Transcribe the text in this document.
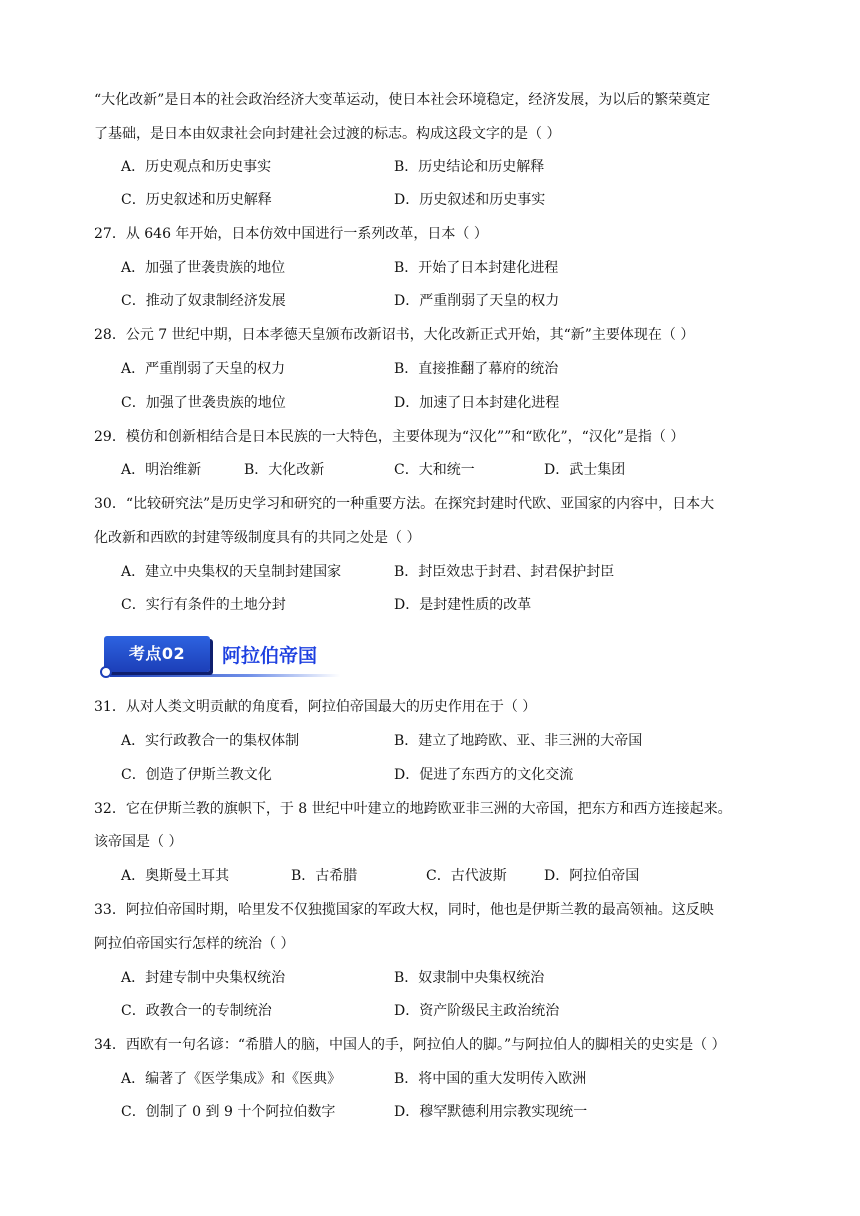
“大化改新”是日本的社会政治经济大变革运动，使日本社会环境稳定，经济发展，为以后的繁荣奠定
了基础，是日本由奴隶社会向封建社会过渡的标志。构成这段文字的是（ ）
A．历史观点和历史事实	B．历史结论和历史解释
C．历史叙述和历史解释	D．历史叙述和历史事实
27．从 646 年开始，日本仿效中国进行一系列改革，日本（ ）
A．加强了世袭贵族的地位	B．开始了日本封建化进程
C．推动了奴隶制经济发展	D．严重削弱了天皇的权力
28．公元 7 世纪中期，日本孝德天皇颁布改新诏书，大化改新正式开始，其“新”主要体现在（ ）
A．严重削弱了天皇的权力	B．直接推翻了幕府的统治
C．加强了世袭贵族的地位	D．加速了日本封建化进程
29．模仿和创新相结合是日本民族的一大特色，主要体现为“汉化””和“欧化”，“汉化”是指（ ）
A．明治维新	B．大化改新	C．大和统一	D．武士集团
30．“比较研究法”是历史学习和研究的一种重要方法。在探究封建时代欧、亚国家的内容中，日本大
化改新和西欧的封建等级制度具有的共同之处是（ ）
A．建立中央集权的天皇制封建国家	B．封臣效忠于封君、封君保护封臣
C．实行有条件的土地分封	D．是封建性质的改革
考点02	阿拉伯帝国
31．从对人类文明贡献的角度看，阿拉伯帝国最大的历史作用在于（ ）
A．实行政教合一的集权体制	B．建立了地跨欧、亚、非三洲的大帝国
C．创造了伊斯兰教文化	D．促进了东西方的文化交流
32．它在伊斯兰教的旗帜下，于 8 世纪中叶建立的地跨欧亚非三洲的大帝国，把东方和西方连接起来。
该帝国是（ ）
A．奥斯曼土耳其	B．古希腊	C．古代波斯	D．阿拉伯帝国
33．阿拉伯帝国时期，哈里发不仅独揽国家的军政大权，同时，他也是伊斯兰教的最高领袖。这反映
阿拉伯帝国实行怎样的统治（ ）
A．封建专制中央集权统治	B．奴隶制中央集权统治
C．政教合一的专制统治	D．资产阶级民主政治统治
34．西欧有一句名谚：“希腊人的脑，中国人的手，阿拉伯人的脚。”与阿拉伯人的脚相关的史实是（ ）
A．编著了《医学集成》和《医典》	B．将中国的重大发明传入欧洲
C．创制了 0 到 9 十个阿拉伯数字	D．穆罕默德利用宗教实现统一
